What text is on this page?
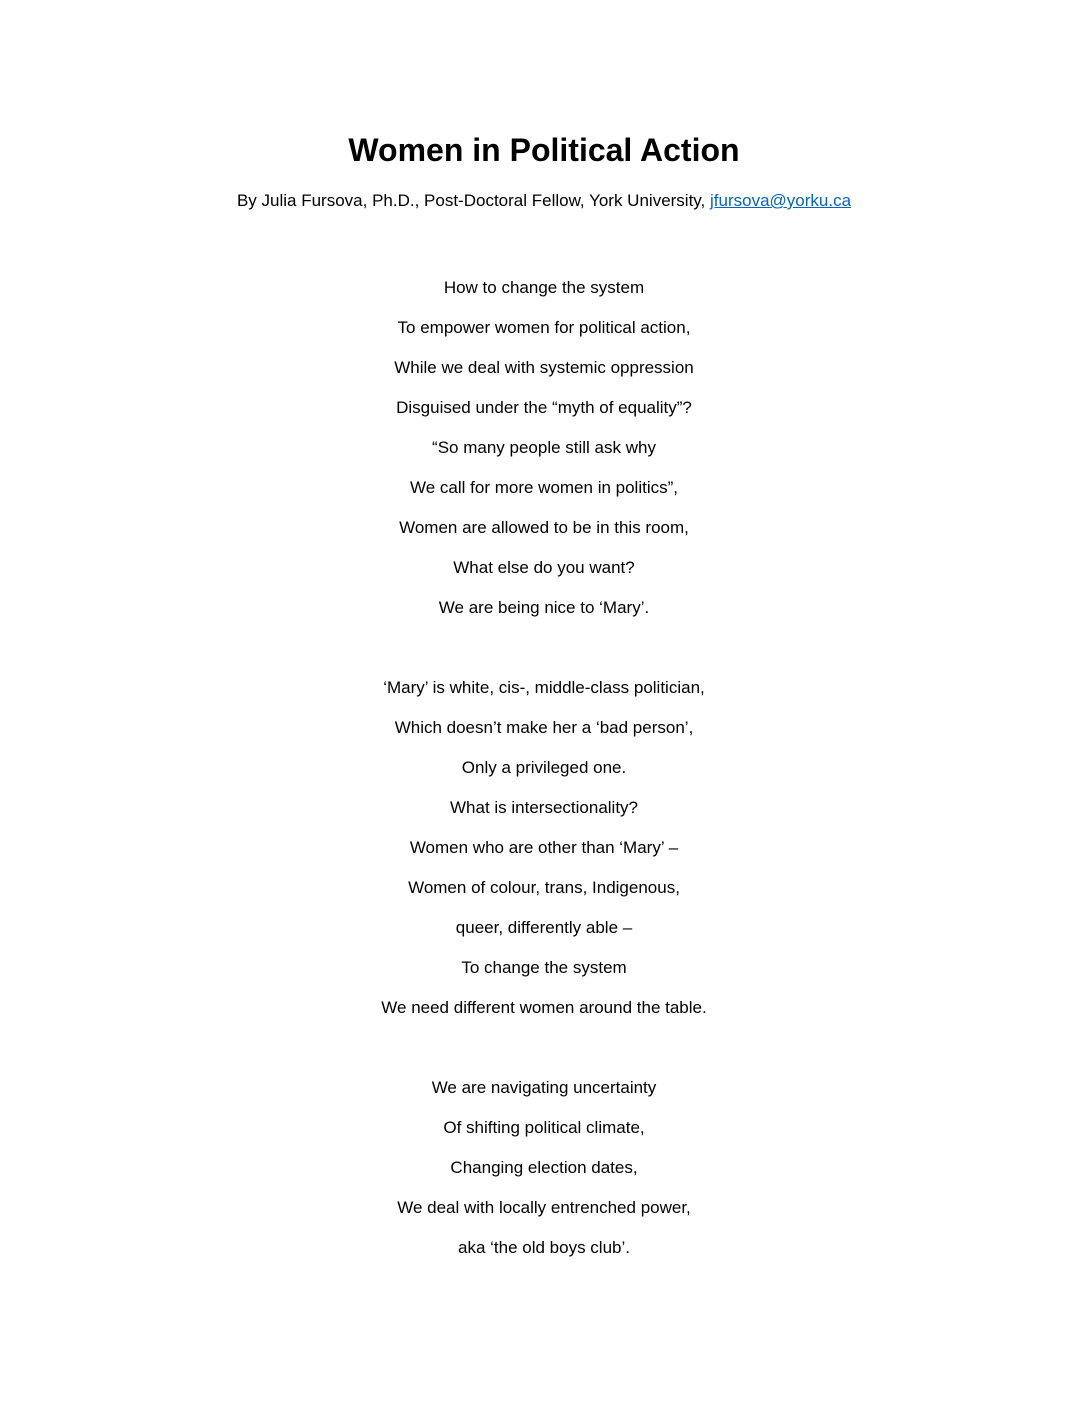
Women in Political Action

By Julia Fursova, Ph.D., Post-Doctoral Fellow, York University, jfursova@yorku.ca

How to change the system
To empower women for political action,
While we deal with systemic oppression
Disguised under the “myth of equality”?
“So many people still ask why
We call for more women in politics”,
Women are allowed to be in this room,
What else do you want?
We are being nice to ‘Mary’.
‘Mary’ is white, cis-, middle-class politician,
Which doesn’t make her a ‘bad person’,
Only a privileged one.
What is intersectionality?
Women who are other than ‘Mary’ –
Women of colour, trans, Indigenous,
queer, differently able –
To change the system
We need different women around the table.
We are navigating uncertainty
Of shifting political climate,
Changing election dates,
We deal with locally entrenched power,
aka ‘the old boys club’.
